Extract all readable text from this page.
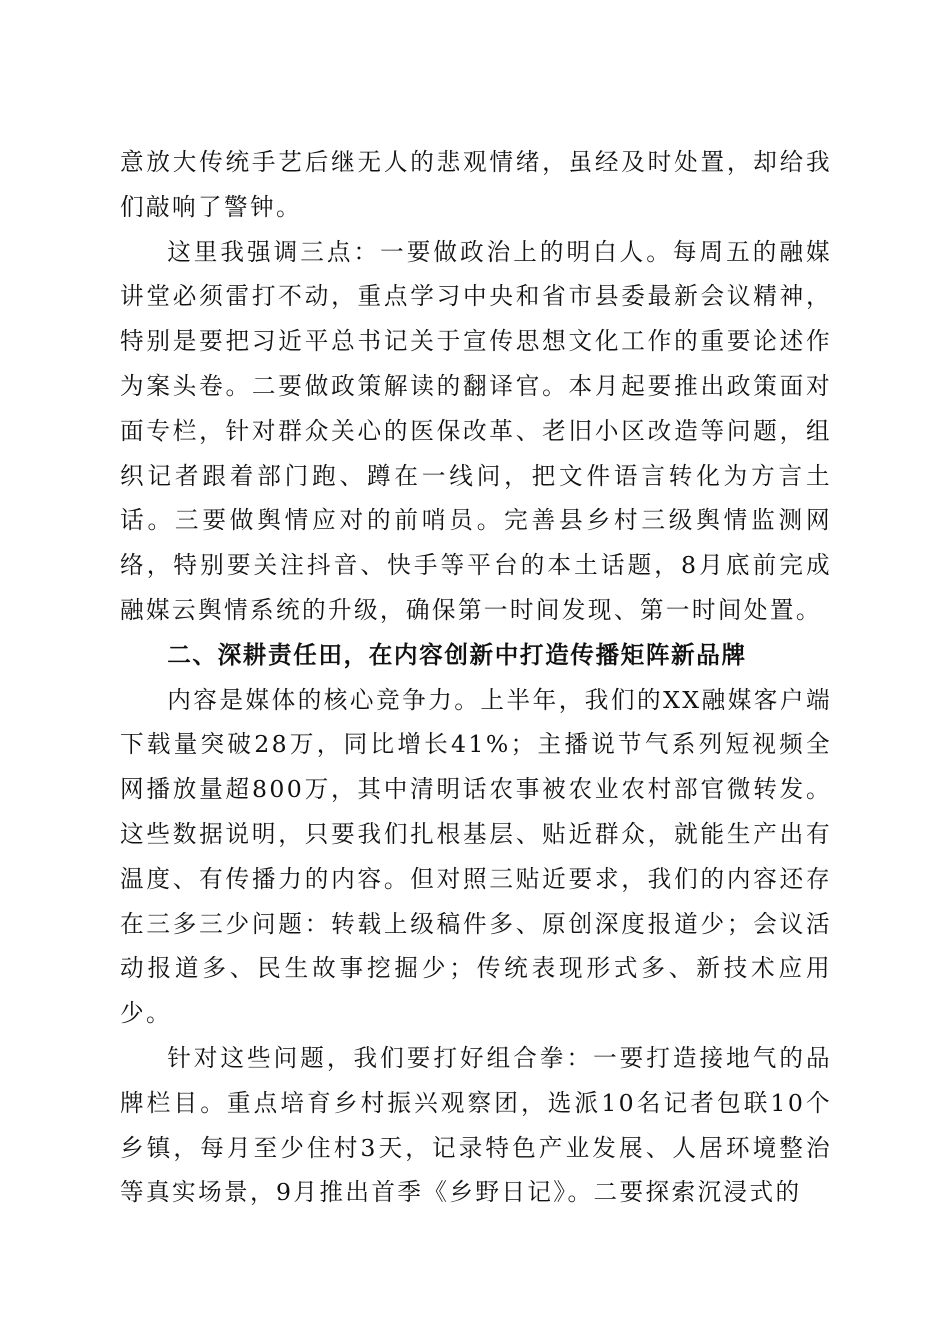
意放大传统手艺后继无人的悲观情绪，虽经及时处置，却给我们敲响了警钟。

这里我强调三点：一要做政治上的明白人。每周五的融媒讲堂必须雷打不动，重点学习中央和省市县委最新会议精神，特别是要把习近平总书记关于宣传思想文化工作的重要论述作为案头卷。二要做政策解读的翻译官。本月起要推出政策面对面专栏，针对群众关心的医保改革、老旧小区改造等问题，组织记者跟着部门跑、蹲在一线问，把文件语言转化为方言土话。三要做舆情应对的前哨员。完善县乡村三级舆情监测网络，特别要关注抖音、快手等平台的本土话题，8月底前完成融媒云舆情系统的升级，确保第一时间发现、第一时间处置。

二、深耕责任田，在内容创新中打造传播矩阵新品牌

内容是媒体的核心竞争力。上半年，我们的XX融媒客户端下载量突破28万，同比增长41%；主播说节气系列短视频全网播放量超800万，其中清明话农事被农业农村部官微转发。这些数据说明，只要我们扎根基层、贴近群众，就能生产出有温度、有传播力的内容。但对照三贴近要求，我们的内容还存在三多三少问题：转载上级稿件多、原创深度报道少；会议活动报道多、民生故事挖掘少；传统表现形式多、新技术应用少。

针对这些问题，我们要打好组合拳：一要打造接地气的品牌栏目。重点培育乡村振兴观察团，选派10名记者包联10个乡镇，每月至少住村3天，记录特色产业发展、人居环境整治等真实场景，9月推出首季《乡野日记》。二要探索沉浸式的
